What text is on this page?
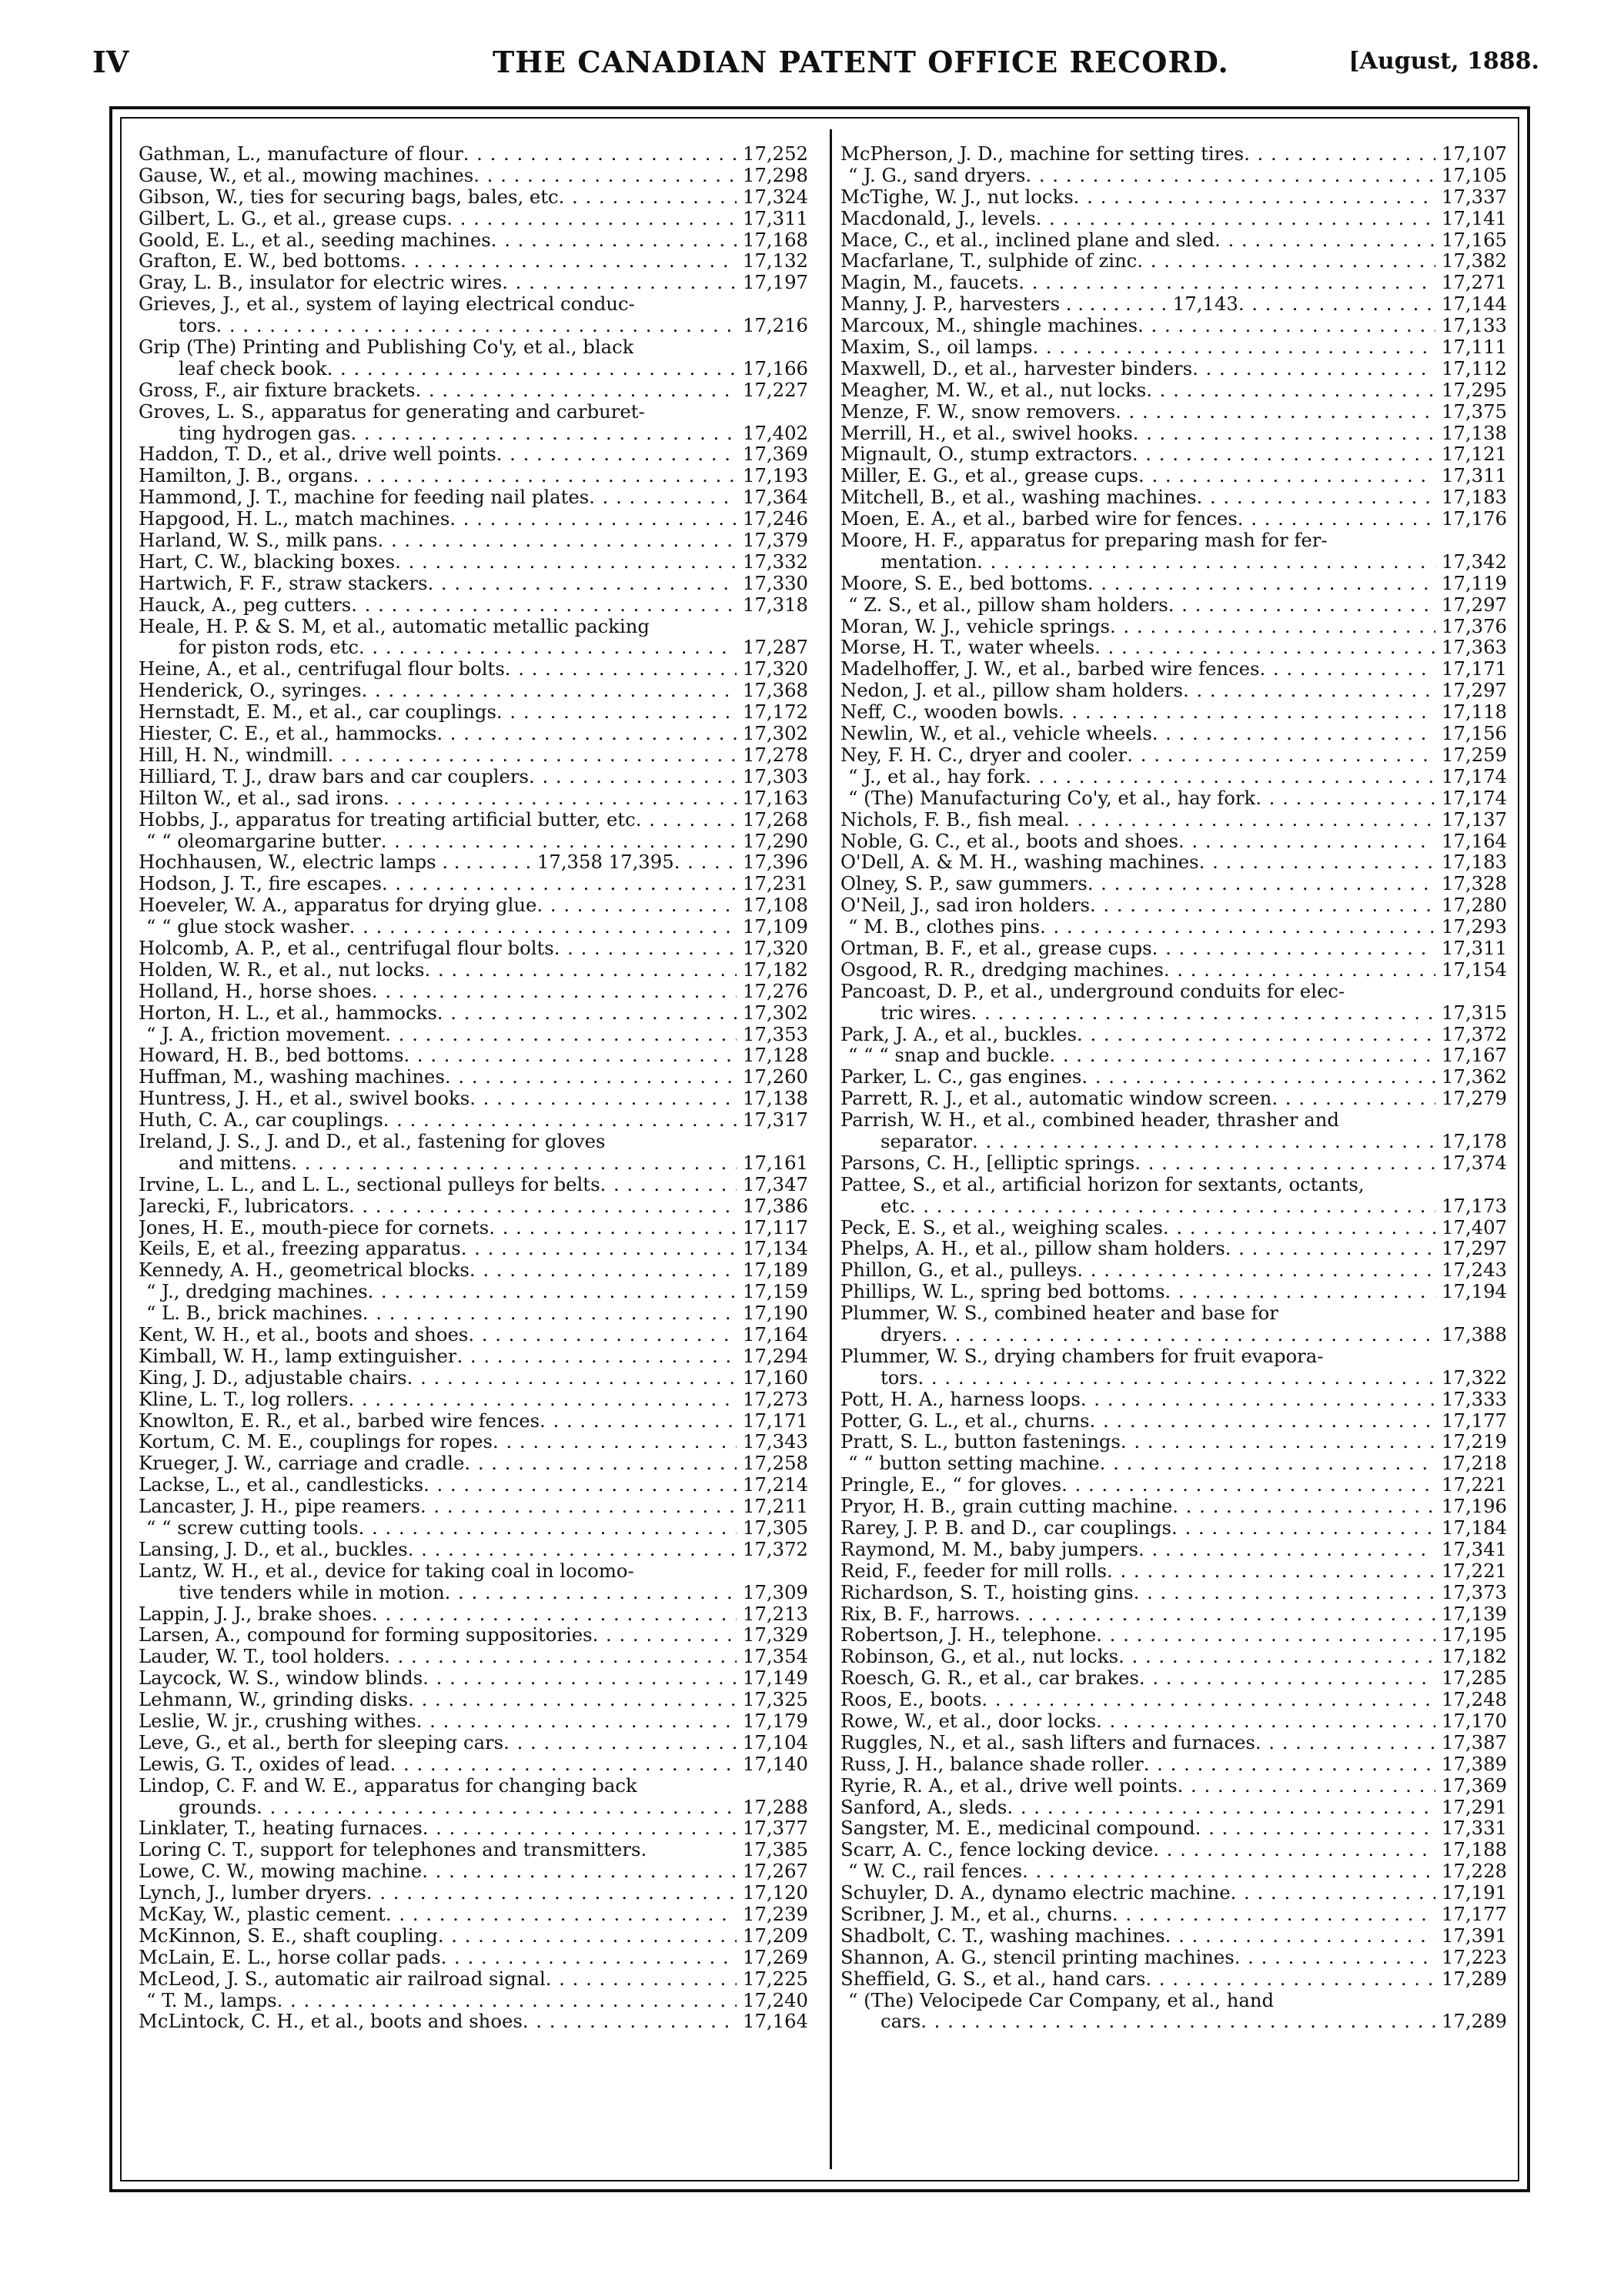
IV	THE CANADIAN PATENT OFFICE RECORD.	[August, 1888.
Gathman, L., manufacture of flour . . .	17,252
Gause, W., et al., mowing machines . . .	17,298
Gibson, W., ties for securing bags, bales, etc . . .	17,324
Gilbert, L. G., et al., grease cups . . .	17,311
Goold, E. L., et al., seeding machines . . .	17,168
Grafton, E. W., bed bottoms . . .	17,132
Gray, L. B., insulator for electric wires . . .	17,197
Grieves, J., et al., system of laying electrical conduc-
tors . . .	17,216
Grip (The) Printing and Publishing Co'y, et al., black
leaf check book . . .	17,166
Gross, F., air fixture brackets . . .	17,227
Groves, L. S., apparatus for generating and carburet-
ting hydrogen gas . . .	17,402
Haddon, T. D., et al., drive well points . . .	17,369
Hamilton, J. B., organs . . .	17,193
Hammond, J. T., machine for feeding nail plates . . .	17,364
Hapgood, H. L., match machines . . .	17,246
Harland, W. S., milk pans . . .	17,379
Hart, C. W., blacking boxes . . .	17,332
Hartwich, F. F., straw stackers . . .	17,330
Hauck, A., peg cutters . . .	17,318
Heale, H. P. & S. M, et al., automatic metallic packing
for piston rods, etc . . .	17,287
Heine, A., et al., centrifugal flour bolts . . .	17,320
Henderick, O., syringes . . .	17,368
Hernstadt, E. M., et al., car couplings . . .	17,172
Hiester, C. E., et al., hammocks . . .	17,302
Hill, H. N., windmill . . .	17,278
Hilliard, T. J., draw bars and car couplers . . .	17,303
Hilton W., et al., sad irons . . .	17,163
Hobbs, J., apparatus for treating artificial butter, etc . . .	17,268
“ “ oleomargarine butter . . .	17,290
Hochhausen, W., electric lamps . . . . . . . . 17,358 17,395 . . .	17,396
Hodson, J. T., fire escapes . . .	17,231
Hoeveler, W. A., apparatus for drying glue . . .	17,108
“ “ glue stock washer . . .	17,109
Holcomb, A. P., et al., centrifugal flour bolts . . .	17,320
Holden, W. R., et al., nut locks . . .	17,182
Holland, H., horse shoes . . .	17,276
Horton, H. L., et al., hammocks . . .	17,302
“ J. A., friction movement . . .	17,353
Howard, H. B., bed bottoms . . .	17,128
Huffman, M., washing machines . . .	17,260
Huntress, J. H., et al., swivel books . . .	17,138
Huth, C. A., car couplings . . .	17,317
Ireland, J. S., J. and D., et al., fastening for gloves
and mittens . . .	17,161
Irvine, L. L., and L. L., sectional pulleys for belts . . .	17,347
Jarecki, F., lubricators . . .	17,386
Jones, H. E., mouth-piece for cornets . . .	17,117
Keils, E, et al., freezing apparatus . . .	17,134
Kennedy, A. H., geometrical blocks . . .	17,189
“ J., dredging machines . . .	17,159
“ L. B., brick machines . . .	17,190
Kent, W. H., et al., boots and shoes . . .	17,164
Kimball, W. H., lamp extinguisher . . .	17,294
King, J. D., adjustable chairs . . .	17,160
Kline, L. T., log rollers . . .	17,273
Knowlton, E. R., et al., barbed wire fences . . .	17,171
Kortum, C. M. E., couplings for ropes . . .	17,343
Krueger, J. W., carriage and cradle . . .	17,258
Lackse, L., et al., candlesticks . . .	17,214
Lancaster, J. H., pipe reamers . . .	17,211
“ “ screw cutting tools . . .	17,305
Lansing, J. D., et al., buckles . . .	17,372
Lantz, W. H., et al., device for taking coal in locomo-
tive tenders while in motion . . .	17,309
Lappin, J. J., brake shoes . . .	17,213
Larsen, A., compound for forming suppositories . . .	17,329
Lauder, W. T., tool holders . . .	17,354
Laycock, W. S., window blinds . . .	17,149
Lehmann, W., grinding disks . . .	17,325
Leslie, W. jr., crushing withes . . .	17,179
Leve, G., et al., berth for sleeping cars . . .	17,104
Lewis, G. T., oxides of lead . . .	17,140
Lindop, C. F. and W. E., apparatus for changing back
grounds . . .	17,288
Linklater, T., heating furnaces . . .	17,377
Loring C. T., support for telephones and transmitters.	17,385
Lowe, C. W., mowing machine . . .	17,267
Lynch, J., lumber dryers . . .	17,120
McKay, W., plastic cement . . .	17,239
McKinnon, S. E., shaft coupling . . .	17,209
McLain, E. L., horse collar pads . . .	17,269
McLeod, J. S., automatic air railroad signal . . .	17,225
“ T. M., lamps . . .	17,240
McLintock, C. H., et al., boots and shoes . . .	17,164
McPherson, J. D., machine for setting tires . . .	17,107
“ J. G., sand dryers . . .	17,105
McTighe, W. J., nut locks . . .	17,337
Macdonald, J., levels . . .	17,141
Mace, C., et al., inclined plane and sled . . .	17,165
Macfarlane, T., sulphide of zinc . . .	17,382
Magin, M., faucets . . .	17,271
Manny, J. P., harvesters . . . . . . . . . 17,143 . . .	17,144
Marcoux, M., shingle machines . . .	17,133
Maxim, S., oil lamps . . .	17,111
Maxwell, D., et al., harvester binders . . .	17,112
Meagher, M. W., et al., nut locks . . .	17,295
Menze, F. W., snow removers . . .	17,375
Merrill, H., et al., swivel hooks . . .	17,138
Mignault, O., stump extractors . . .	17,121
Miller, E. G., et al., grease cups . . .	17,311
Mitchell, B., et al., washing machines . . .	17,183
Moen, E. A., et al., barbed wire for fences . . .	17,176
Moore, H. F., apparatus for preparing mash for fer-
mentation . . .	17,342
Moore, S. E., bed bottoms . . .	17,119
“ Z. S., et al., pillow sham holders . . .	17,297
Moran, W. J., vehicle springs . . .	17,376
Morse, H. T., water wheels . . .	17,363
Madelhoffer, J. W., et al., barbed wire fences . . .	17,171
Nedon, J. et al., pillow sham holders . . .	17,297
Neff, C., wooden bowls . . .	17,118
Newlin, W., et al., vehicle wheels . . .	17,156
Ney, F. H. C., dryer and cooler . . .	17,259
“ J., et al., hay fork . . .	17,174
“ (The) Manufacturing Co'y, et al., hay fork . . .	17,174
Nichols, F. B., fish meal . . .	17,137
Noble, G. C., et al., boots and shoes . . .	17,164
O'Dell, A. & M. H., washing machines . . .	17,183
Olney, S. P., saw gummers . . .	17,328
O'Neil, J., sad iron holders . . .	17,280
“ M. B., clothes pins . . .	17,293
Ortman, B. F., et al., grease cups . . .	17,311
Osgood, R. R., dredging machines . . .	17,154
Pancoast, D. P., et al., underground conduits for elec-
tric wires . . .	17,315
Park, J. A., et al., buckles . . .	17,372
“ “ “ snap and buckle . . .	17,167
Parker, L. C., gas engines . . .	17,362
Parrett, R. J., et al., automatic window screen . . .	17,279
Parrish, W. H., et al., combined header, thrasher and
separator . . .	17,178
Parsons, C. H., [elliptic springs . . .	17,374
Pattee, S., et al., artificial horizon for sextants, octants,
etc . . .	17,173
Peck, E. S., et al., weighing scales . . .	17,407
Phelps, A. H., et al., pillow sham holders . . .	17,297
Phillon, G., et al., pulleys . . .	17,243
Phillips, W. L., spring bed bottoms . . .	17,194
Plummer, W. S., combined heater and base for
dryers . . .	17,388
Plummer, W. S., drying chambers for fruit evapora-
tors . . .	17,322
Pott, H. A., harness loops . . .	17,333
Potter, G. L., et al., churns . . .	17,177
Pratt, S. L., button fastenings . . .	17,219
“ “ button setting machine . . .	17,218
Pringle, E., “ for gloves . . .	17,221
Pryor, H. B., grain cutting machine . . .	17,196
Rarey, J. P. B. and D., car couplings . . .	17,184
Raymond, M. M., baby jumpers . . .	17,341
Reid, F., feeder for mill rolls . . .	17,221
Richardson, S. T., hoisting gins . . .	17,373
Rix, B. F., harrows . . .	17,139
Robertson, J. H., telephone . . .	17,195
Robinson, G., et al., nut locks . . .	17,182
Roesch, G. R., et al., car brakes . . .	17,285
Roos, E., boots . . .	17,248
Rowe, W., et al., door locks . . .	17,170
Ruggles, N., et al., sash lifters and furnaces . . .	17,387
Russ, J. H., balance shade roller . . .	17,389
Ryrie, R. A., et al., drive well points . . .	17,369
Sanford, A., sleds . . .	17,291
Sangster, M. E., medicinal compound . . .	17,331
Scarr, A. C., fence locking device . . .	17,188
“ W. C., rail fences . . .	17,228
Schuyler, D. A., dynamo electric machine . . .	17,191
Scribner, J. M., et al., churns . . .	17,177
Shadbolt, C. T., washing machines . . .	17,391
Shannon, A. G., stencil printing machines . . .	17,223
Sheffield, G. S., et al., hand cars . . .	17,289
“ (The) Velocipede Car Company, et al., hand
cars . . .	17,289
